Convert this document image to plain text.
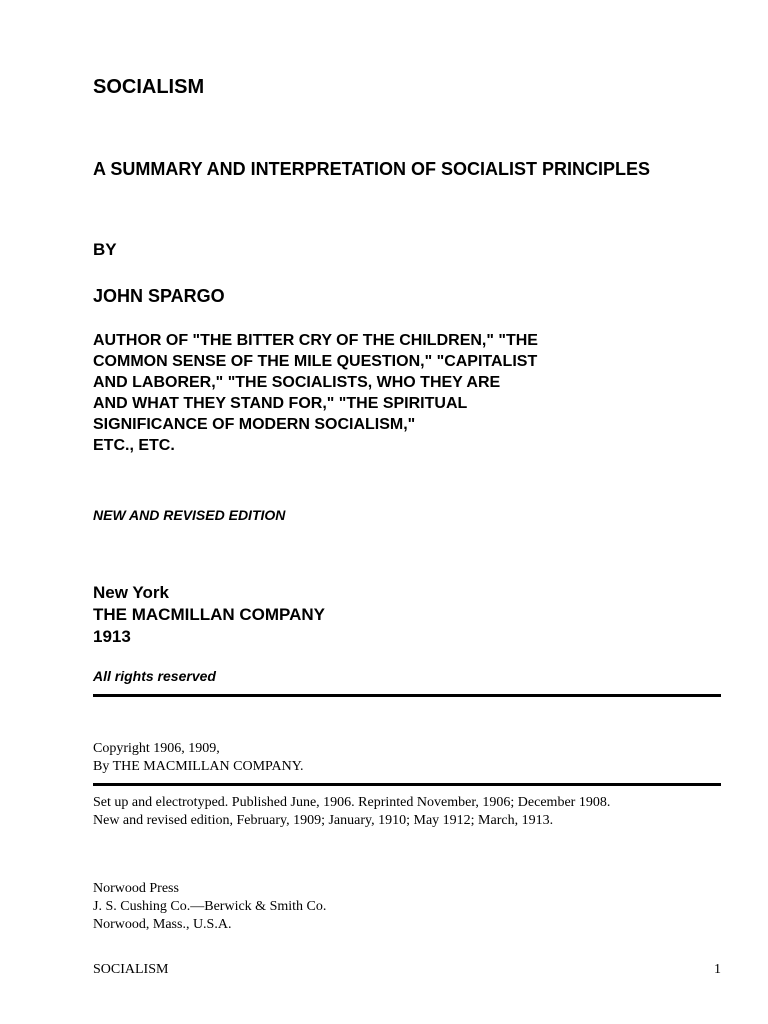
SOCIALISM
A SUMMARY AND INTERPRETATION OF SOCIALIST PRINCIPLES
BY
JOHN SPARGO
AUTHOR OF "THE BITTER CRY OF THE CHILDREN," "THE
COMMON SENSE OF THE MILE QUESTION," "CAPITALIST
AND LABORER," "THE SOCIALISTS, WHO THEY ARE
AND WHAT THEY STAND FOR," "THE SPIRITUAL
SIGNIFICANCE OF MODERN SOCIALISM,"
ETC., ETC.
NEW AND REVISED EDITION
New York
THE MACMILLAN COMPANY
1913
All rights reserved
Copyright 1906, 1909,
By THE MACMILLAN COMPANY.
Set up and electrotyped. Published June, 1906. Reprinted November, 1906; December 1908.
New and revised edition, February, 1909; January, 1910; May 1912; March, 1913.
Norwood Press
J. S. Cushing Co.—Berwick & Smith Co.
Norwood, Mass., U.S.A.
SOCIALISM	1
